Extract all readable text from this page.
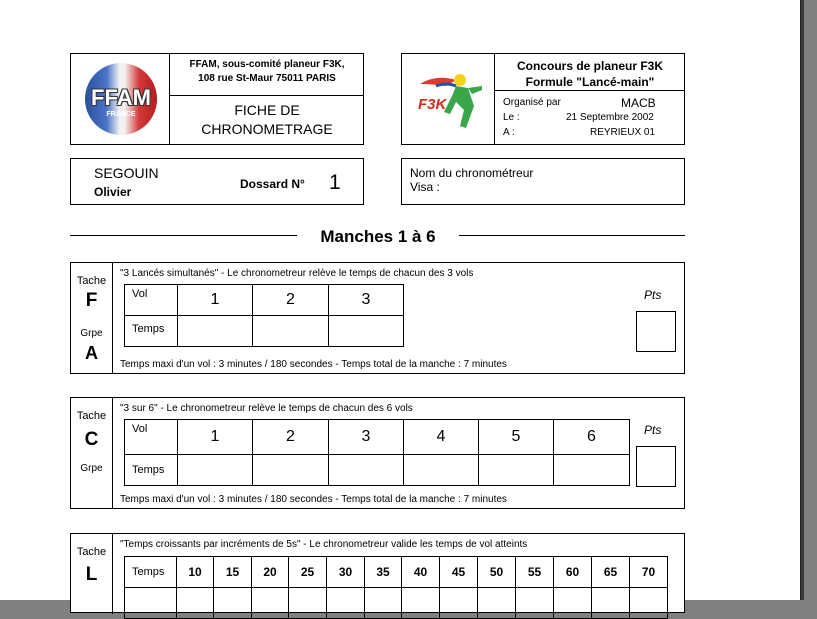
FFAM
FRANCE
FFAM, sous-comité planeur F3K,
108 rue St-Maur 75011 PARIS
FICHE DE
CHRONOMETRAGE
F3K
Concours de planeur F3K
Formule "Lancé-main"
Organisé par	MACB
Le :	21 Septembre 2002
A :	REYRIEUX 01
SEGOUIN
Olivier
Dossard N° 1	Nom du chronométreur
Visa :
Manches 1 à 6
Tache
F
Grpe
A
"3 Lancés simultanés" - Le chronometreur relève le temps de chacun des 3 vols
Vol	1	2	3
Temps			
Temps maxi d'un vol : 3 minutes / 180 secondes - Temps total de la manche : 7 minutes
Pts
Tache
C
Grpe
"3 sur 6" - Le chronometreur relève le temps de chacun des 6 vols
Vol	1	2	3	4	5	6
Temps						
Temps maxi d'un vol : 3 minutes / 180 secondes - Temps total de la manche : 7 minutes
Pts
Tache
L
"Temps croissants par incréments de 5s" - Le chronometreur valide les temps de vol atteints
Temps	10	15	20	25	30	35	40	45	50	55	60	65	70
